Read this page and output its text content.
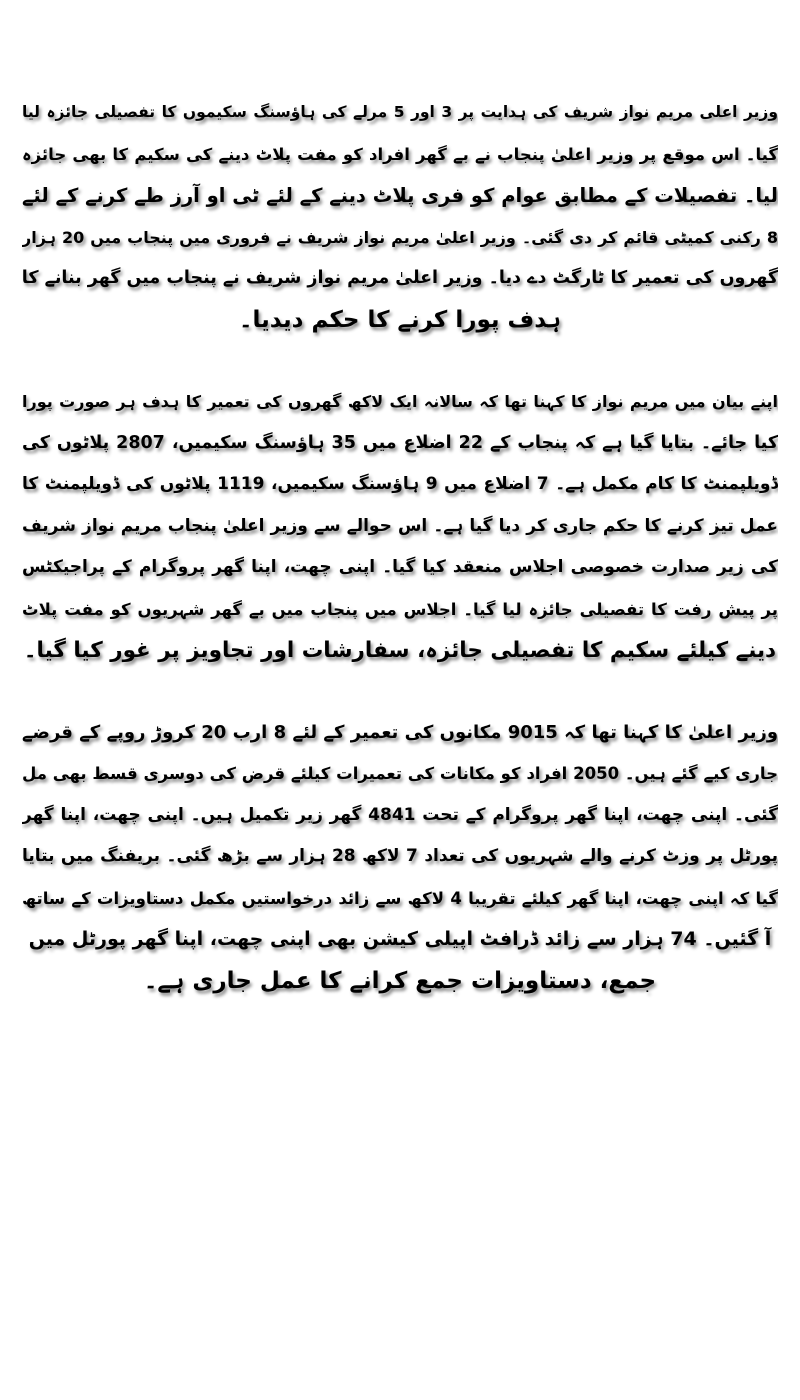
وزیر اعلی مریم نواز شریف کی ہدایت پر 3 اور 5 مرلے کی ہاؤسنگ سکیموں کا تفصیلی جائزہ لیا
گیا۔ اس موقع پر وزیر اعلیٰ پنجاب نے بے گھر افراد کو مفت پلاٹ دینے کی سکیم کا بھی جائزہ
لیا۔ تفصیلات کے مطابق عوام کو فری پلاٹ دینے کے لئے ٹی او آرز طے کرنے کے لئے
8 رکنی کمیٹی قائم کر دی گئی۔ وزیر اعلیٰ مریم نواز شریف نے فروری میں پنجاب میں 20 ہزار
گھروں کی تعمیر کا ٹارگٹ دے دیا۔ وزیر اعلیٰ مریم نواز شریف نے پنجاب میں گھر بنانے کا
ہدف پورا کرنے کا حکم دیدیا۔
اپنے بیان میں مریم نواز کا کہنا تھا کہ سالانہ ایک لاکھ گھروں کی تعمیر کا ہدف ہر صورت پورا
کیا جائے۔ بتایا گیا ہے کہ پنجاب کے 22 اضلاع میں 35 ہاؤسنگ سکیمیں، 2807 پلاٹوں کی
ڈویلپمنٹ کا کام مکمل ہے۔ 7 اضلاع میں 9 ہاؤسنگ سکیمیں، 1119 پلاٹوں کی ڈویلپمنٹ کا
عمل تیز کرنے کا حکم جاری کر دیا گیا ہے۔ اس حوالے سے وزیر اعلیٰ پنجاب مریم نواز شریف
کی زیر صدارت خصوصی اجلاس منعقد کیا گیا۔ اپنی چھت، اپنا گھر پروگرام کے پراجیکٹس
پر پیش رفت کا تفصیلی جائزہ لیا گیا۔ اجلاس میں پنجاب میں بے گھر شہریوں کو مفت پلاٹ
دینے کیلئے سکیم کا تفصیلی جائزہ، سفارشات اور تجاویز پر غور کیا گیا۔
وزیر اعلیٰ کا کہنا تھا کہ 9015 مکانوں کی تعمیر کے لئے 8 ارب 20 کروڑ روپے کے قرضے
جاری کیے گئے ہیں۔ 2050 افراد کو مکانات کی تعمیرات کیلئے قرض کی دوسری قسط بھی مل
گئی۔ اپنی چھت، اپنا گھر پروگرام کے تحت 4841 گھر زیر تکمیل ہیں۔ اپنی چھت، اپنا گھر
پورٹل پر وزٹ کرنے والے شہریوں کی تعداد 7 لاکھ 28 ہزار سے بڑھ گئی۔ بریفنگ میں بتایا
گیا کہ اپنی چھت، اپنا گھر کیلئے تقریبا 4 لاکھ سے زائد درخواستیں مکمل دستاویزات کے ساتھ
آ گئیں۔ 74 ہزار سے زائد ڈرافٹ اپیلی کیشن بھی اپنی چھت، اپنا گھر پورٹل میں
جمع، دستاویزات جمع کرانے کا عمل جاری ہے۔
